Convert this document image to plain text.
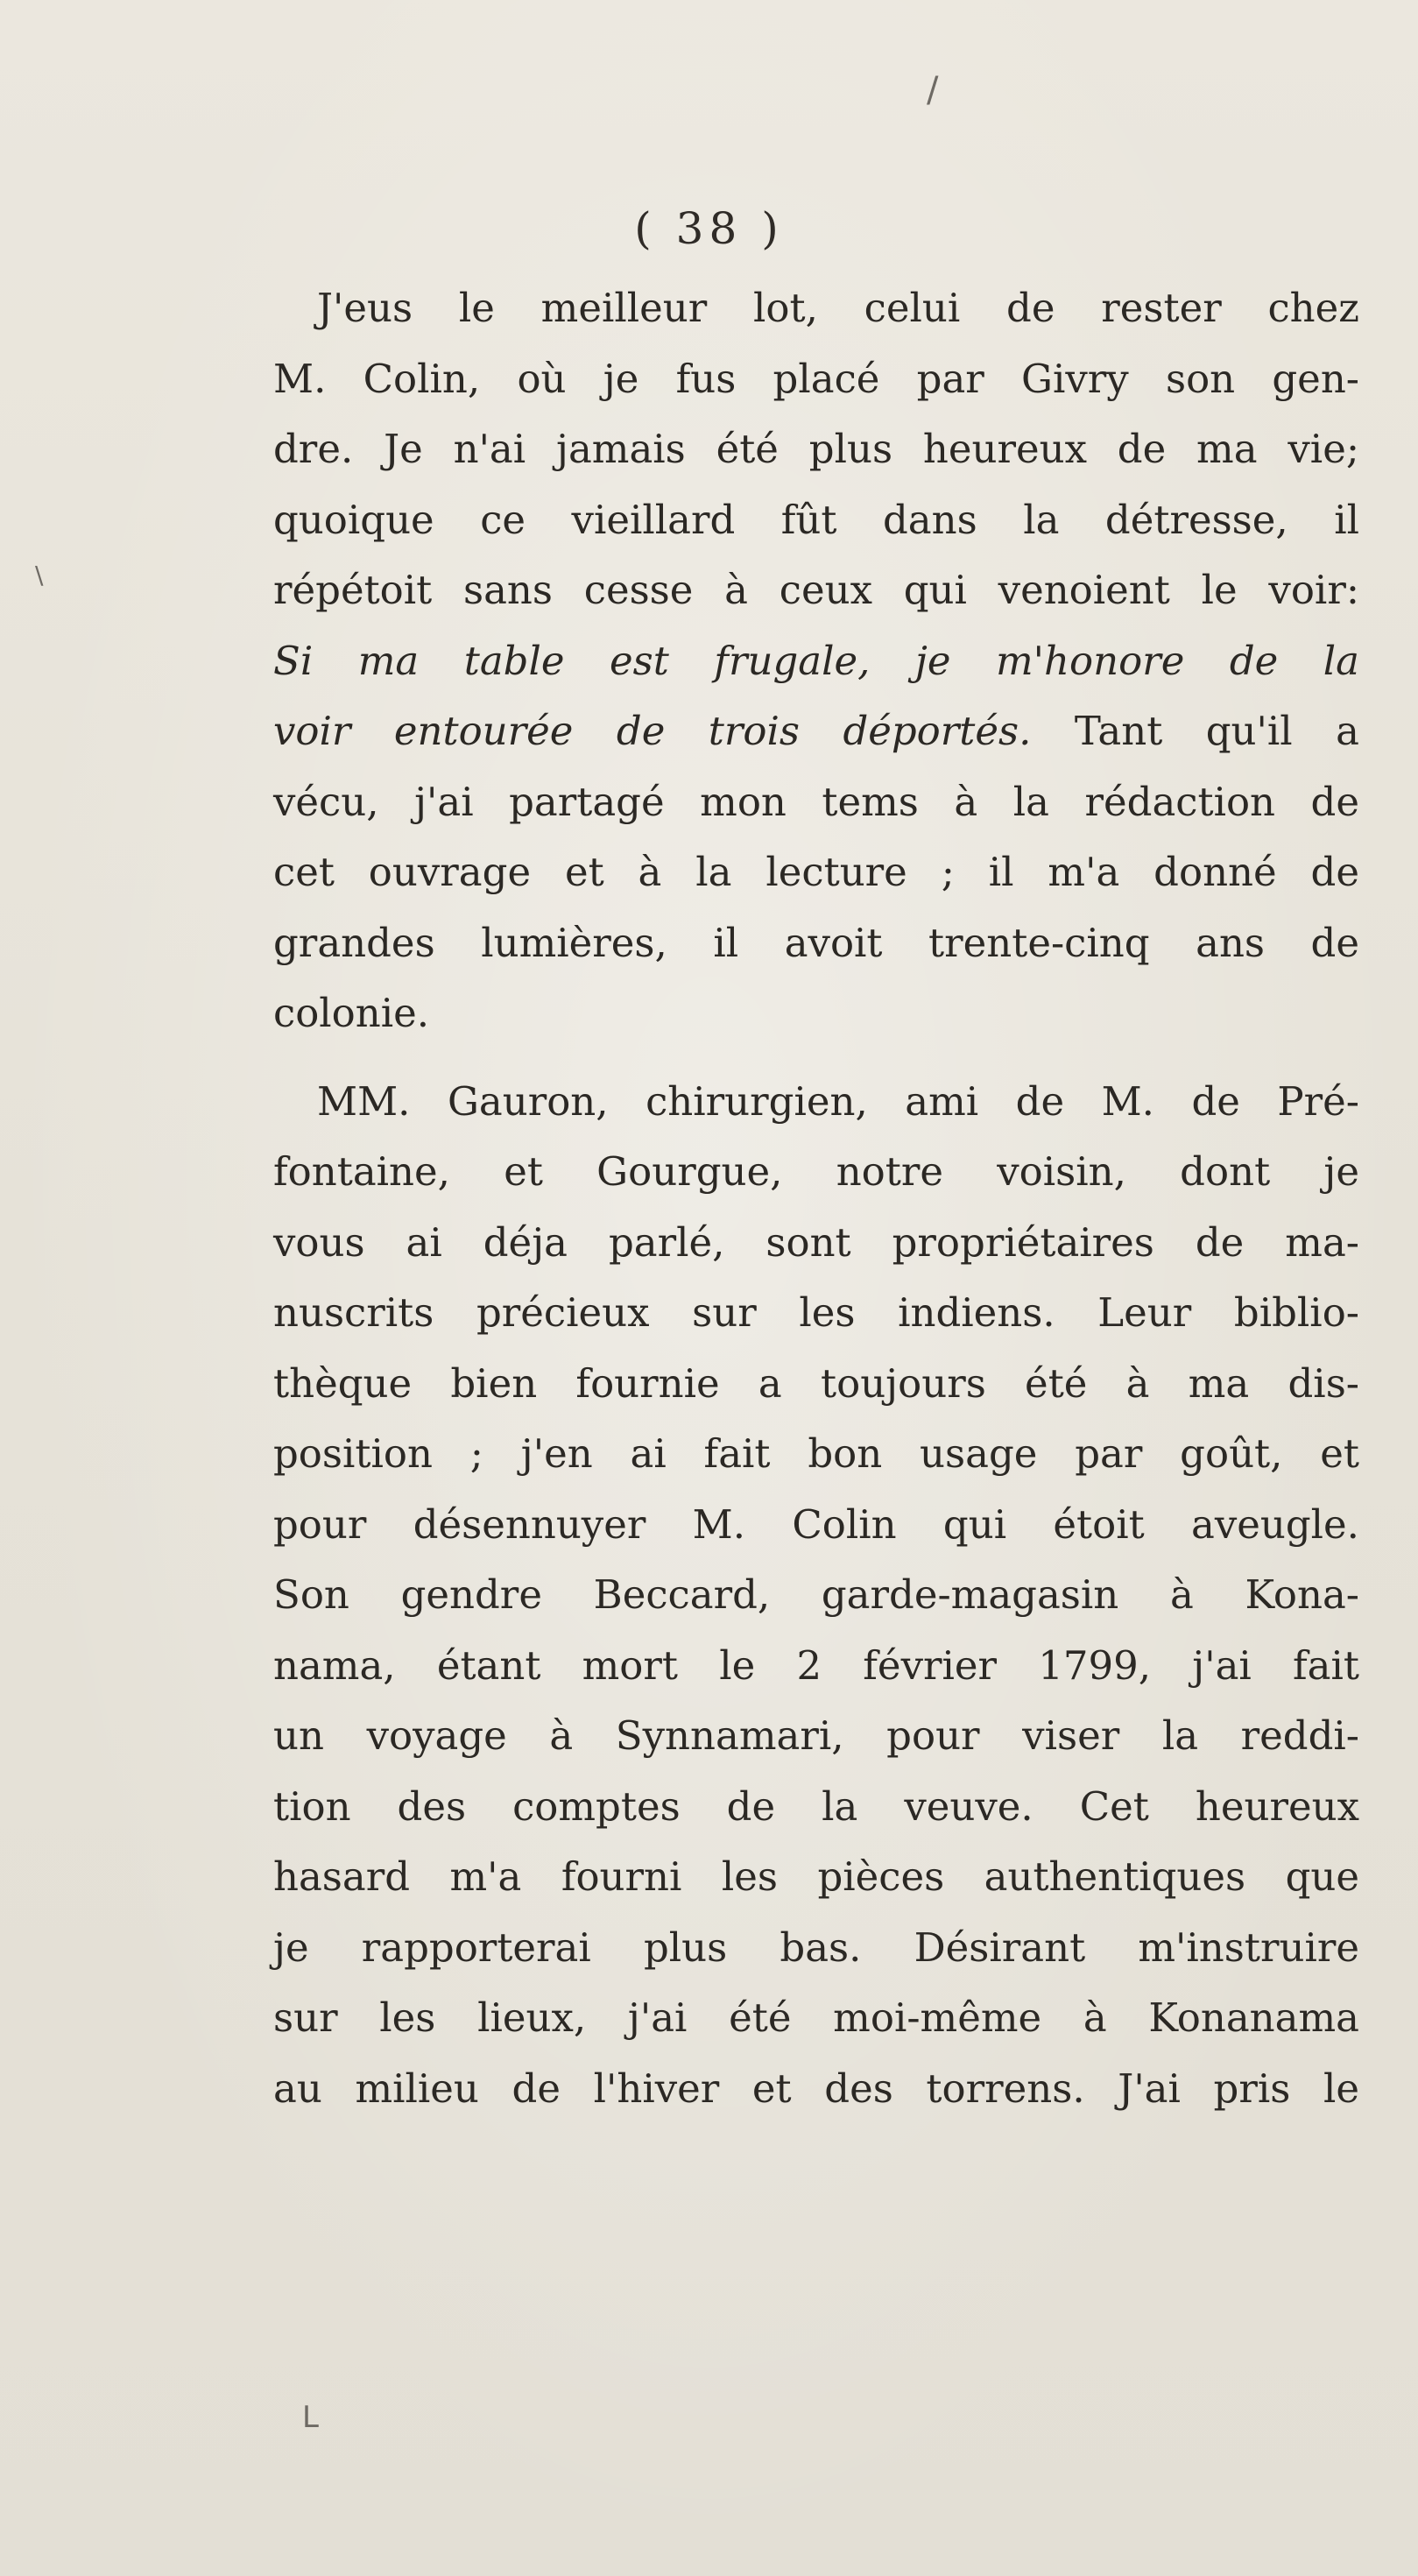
/
\
L
( 38 )
J'eus le meilleur lot, celui de rester chez
M. Colin, où je fus placé par Givry son gen-
dre. Je n'ai jamais été plus heureux de ma vie;
quoique ce vieillard fût dans la détresse, il
répétoit sans cesse à ceux qui venoient le voir:
Si ma table est frugale, je m'honore de la
voir entourée de trois déportés. Tant qu'il a
vécu, j'ai partagé mon tems à la rédaction de
cet ouvrage et à la lecture ; il m'a donné de
grandes lumières, il avoit trente-cinq ans de
colonie.
MM. Gauron, chirurgien, ami de M. de Pré-
fontaine, et Gourgue, notre voisin, dont je
vous ai déja parlé, sont propriétaires de ma-
nuscrits précieux sur les indiens. Leur biblio-
thèque bien fournie a toujours été à ma dis-
position ; j'en ai fait bon usage par goût, et
pour désennuyer M. Colin qui étoit aveugle.
Son gendre Beccard, garde-magasin à Kona-
nama, étant mort le 2 février 1799, j'ai fait
un voyage à Synnamari, pour viser la reddi-
tion des comptes de la veuve. Cet heureux
hasard m'a fourni les pièces authentiques que
je rapporterai plus bas. Désirant m'instruire
sur les lieux, j'ai été moi-même à Konanama
au milieu de l'hiver et des torrens. J'ai pris le
